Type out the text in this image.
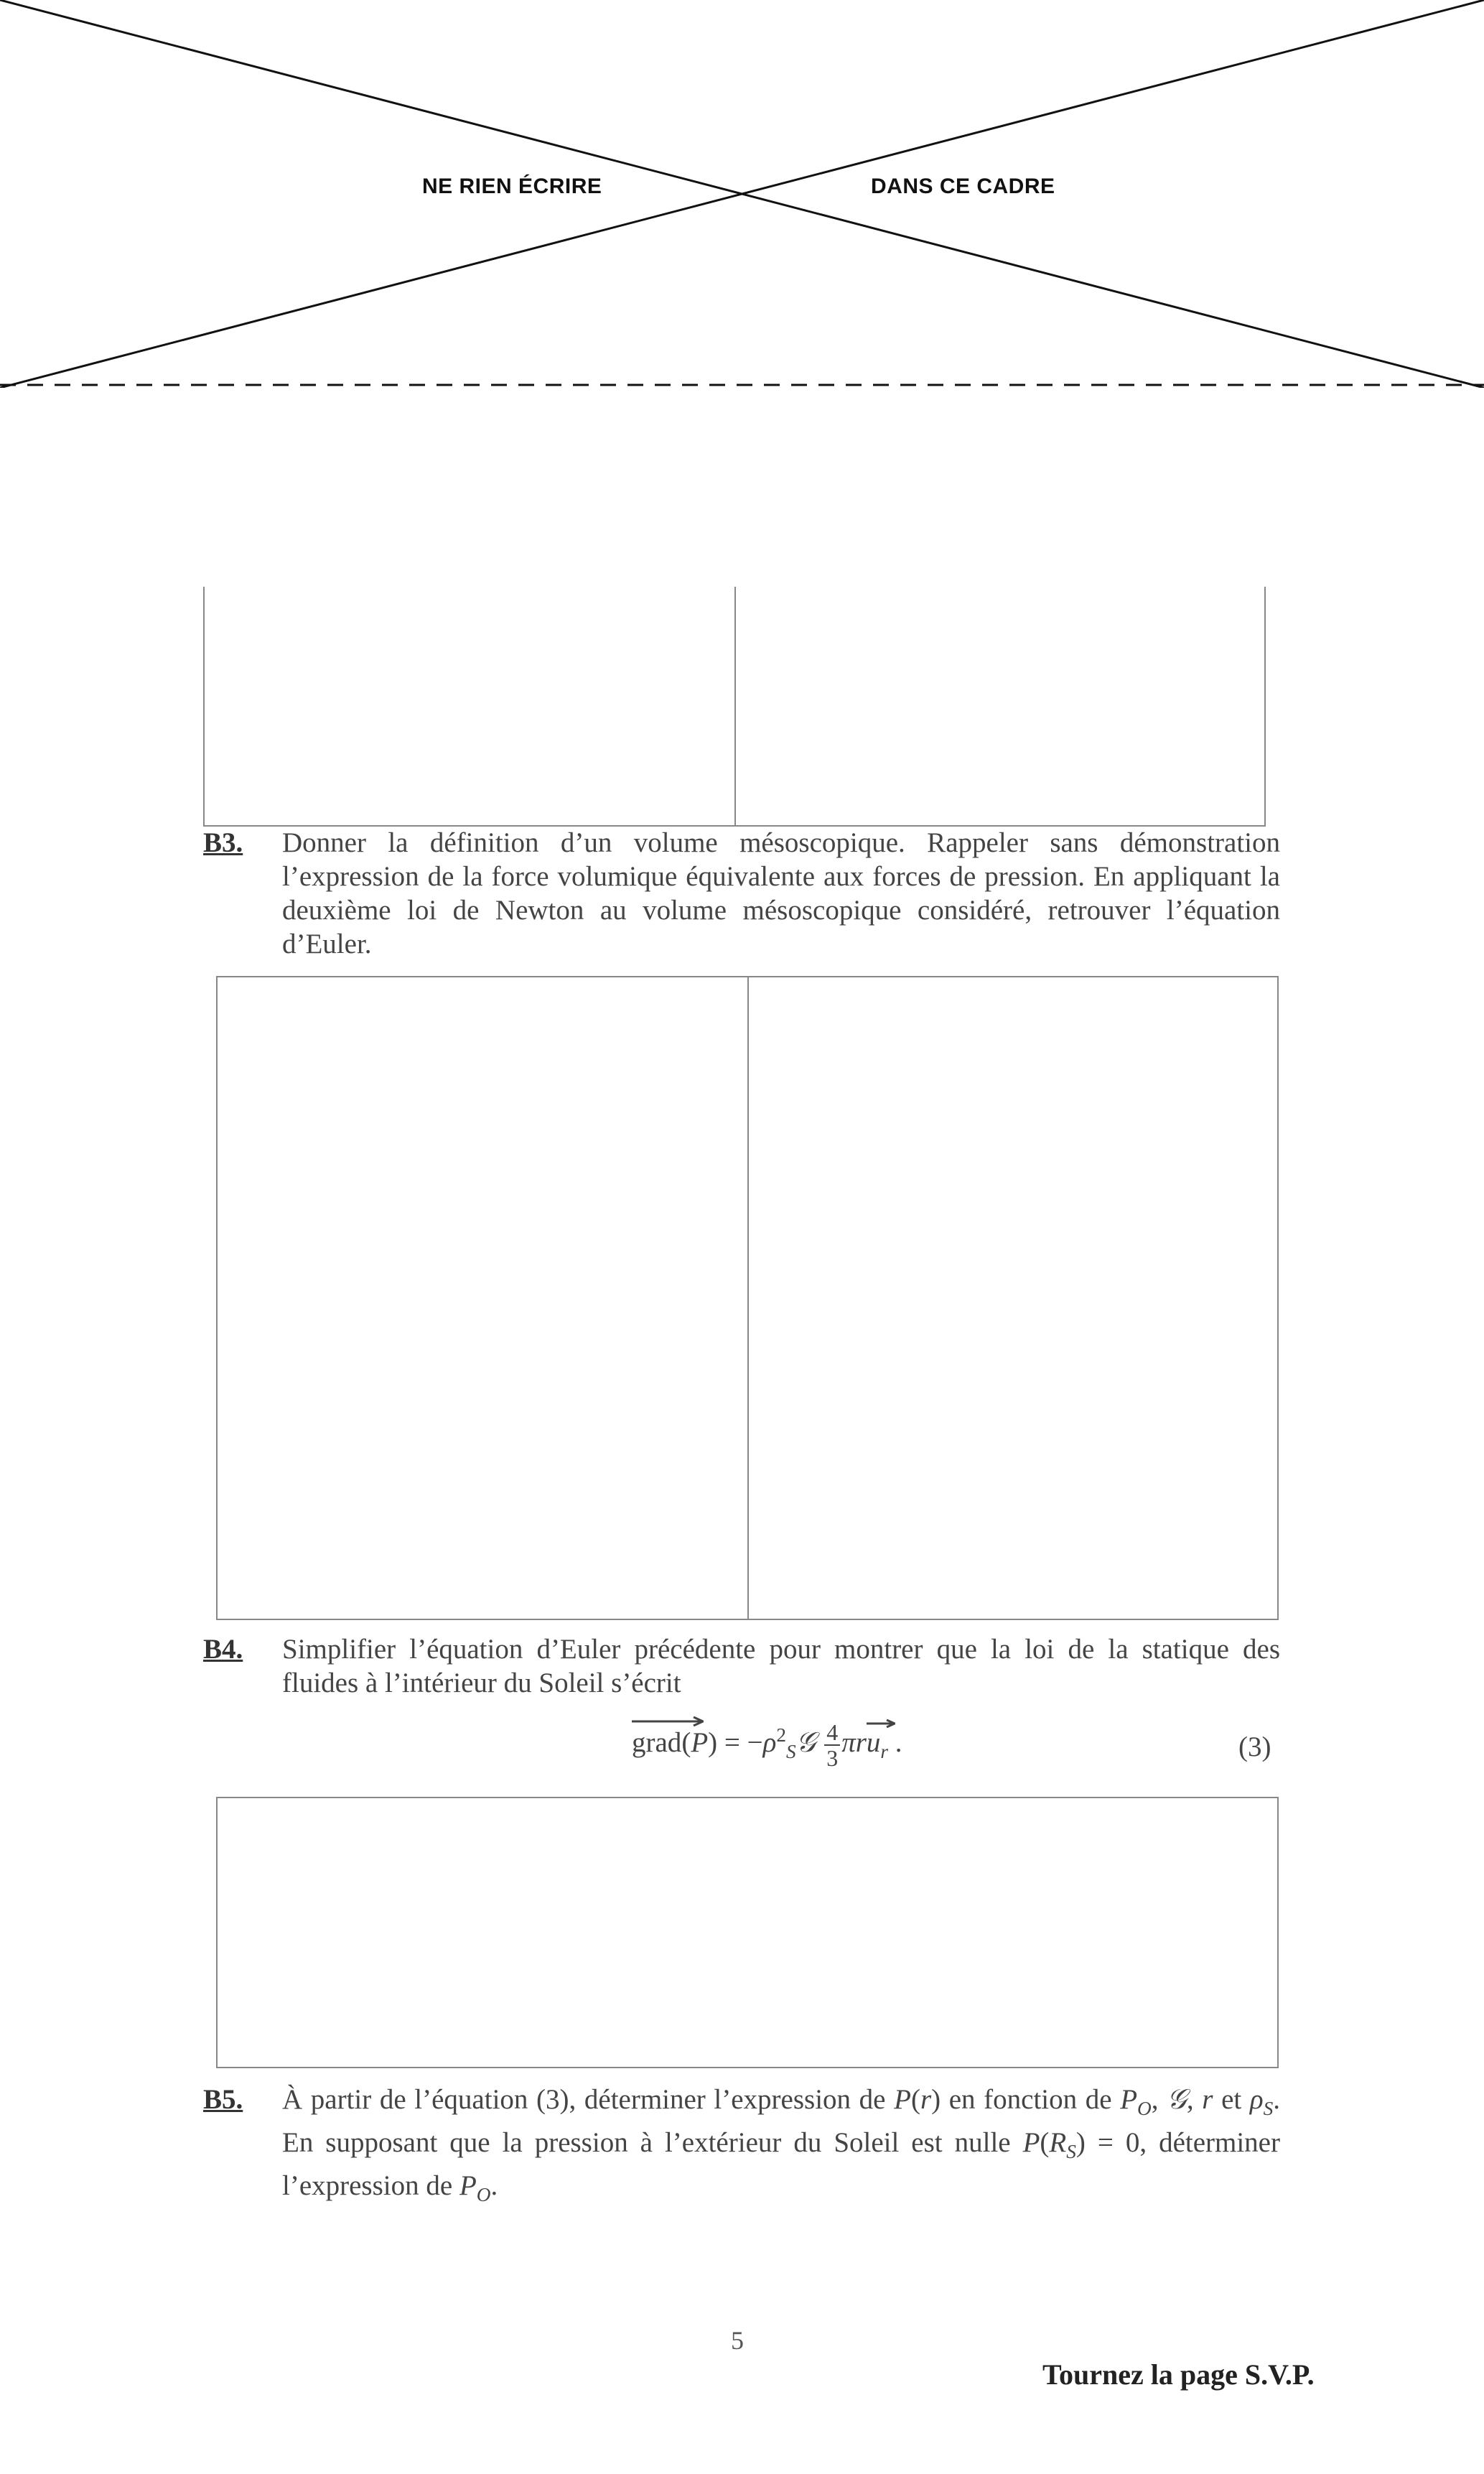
NE RIEN ÉCRIRE	DANS CE CADRE
B3. Donner la définition d’un volume mésoscopique. Rappeler sans démonstration l’expression de la force volumique équivalente aux forces de pression. En appliquant la deuxième loi de Newton au volume mésoscopique considéré, retrouver l’équation d’Euler.
B4. Simplifier l’équation d’Euler précédente pour montrer que la loi de la statique des fluides à l’intérieur du Soleil s’écrit
grad
$(P) = -\rho^2_S𝒢 \frac{4}{3} \pi ru_r$
.	(3)
B5. À partir de l’équation (3), déterminer l’expression de P(r) en fonction de $P_O$, 𝒢, r et $\rho_S$. En supposant que la pression à l’extérieur du Soleil est nulle $P(R_S) = 0$, déterminer l’expression de $P_O$.
5
Tournez la page S.V.P.
